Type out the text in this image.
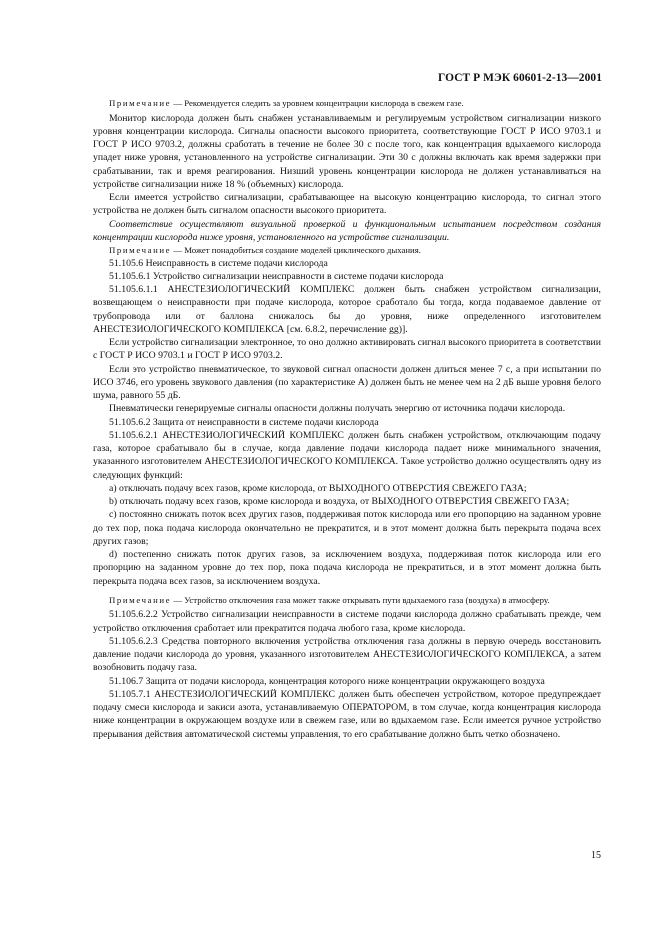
ГОСТ Р МЭК 60601-2-13—2001

Примечание — Рекомендуется следить за уровнем концентрации кислорода в свежем газе.

Монитор кислорода должен быть снабжен устанавливаемым и регулируемым устройством сигнализации низкого уровня концентрации кислорода. Сигналы опасности высокого приоритета, соответствующие ГОСТ Р ИСО 9703.1 и ГОСТ Р ИСО 9703.2, должны сработать в течение не более 30 с после того, как концентрация вдыхаемого кислорода упадет ниже уровня, установленного на устройстве сигнализации. Эти 30 с должны включать как время задержки при срабатывании, так и время реагирования. Низший уровень концентрации кислорода не должен устанавливаться на устройстве сигнализации ниже 18 % (объемных) кислорода.

Если имеется устройство сигнализации, срабатывающее на высокую концентрацию кислорода, то сигнал этого устройства не должен быть сигналом опасности высокого приоритета.

Соответствие осуществляют визуальной проверкой и функциональным испытанием посредством создания концентрации кислорода ниже уровня, установленного на устройстве сигнализации.

Примечание — Может понадобиться создание моделей циклического дыхания.

51.105.6 Неисправность в системе подачи кислорода

51.105.6.1 Устройство сигнализации неисправности в системе подачи кислорода

51.105.6.1.1 АНЕСТЕЗИОЛОГИЧЕСКИЙ КОМПЛЕКС должен быть снабжен устройством сигнализации, возвещающем о неисправности при подаче кислорода, которое сработало бы тогда, когда подаваемое давление от трубопровода или от баллона снижалось бы до уровня, ниже определенного изготовителем АНЕСТЕЗИОЛОГИЧЕСКОГО КОМПЛЕКСА [см. 6.8.2, перечисление gg)].

Если устройство сигнализации электронное, то оно должно активировать сигнал высокого приоритета в соответствии с ГОСТ Р ИСО 9703.1 и ГОСТ Р ИСО 9703.2.

Если это устройство пневматическое, то звуковой сигнал опасности должен длиться менее 7 с, а при испытании по ИСО 3746, его уровень звукового давления (по характеристике А) должен быть не менее чем на 2 дБ выше уровня белого шума, равного 55 дБ.

Пневматически генерируемые сигналы опасности должны получать энергию от источника подачи кислорода.

51.105.6.2 Защита от неисправности в системе подачи кислорода

51.105.6.2.1 АНЕСТЕЗИОЛОГИЧЕСКИЙ КОМПЛЕКС должен быть снабжен устройством, отключающим подачу газа, которое срабатывало бы в случае, когда давление подачи кислорода падает ниже минимального значения, указанного изготовителем АНЕСТЕЗИОЛОГИЧЕСКОГО КОМПЛЕКСА. Такое устройство должно осуществлять одну из следующих функций:

а) отключать подачу всех газов, кроме кислорода, от ВЫХОДНОГО ОТВЕРСТИЯ СВЕЖЕГО ГАЗА;

b) отключать подачу всех газов, кроме кислорода и воздуха, от ВЫХОДНОГО ОТВЕРСТИЯ СВЕЖЕГО ГАЗА;

c) постоянно снижать поток всех других газов, поддерживая поток кислорода или его пропорцию на заданном уровне до тех пор, пока подача кислорода окончательно не прекратится, и в этот момент должна быть перекрыта подача всех других газов;

d) постепенно снижать поток других газов, за исключением воздуха, поддерживая поток кислорода или его пропорцию на заданном уровне до тех пор, пока подача кислорода не прекратиться, и в этот момент должна быть перекрыта подача всех газов, за исключением воздуха.

Примечание — Устройство отключения газа может также открывать пути вдыхаемого газа (воздуха) в атмосферу.

51.105.6.2.2 Устройство сигнализации неисправности в системе подачи кислорода должно срабатывать прежде, чем устройство отключения сработает или прекратится подача любого газа, кроме кислорода.

51.105.6.2.3 Средства повторного включения устройства отключения газа должны в первую очередь восстановить давление подачи кислорода до уровня, указанного изготовителем АНЕСТЕЗИОЛОГИЧЕСКОГО КОМПЛЕКСА, а затем возобновить подачу газа.

51.106.7 Защита от подачи кислорода, концентрация которого ниже концентрации окружающего воздуха

51.105.7.1 АНЕСТЕЗИОЛОГИЧЕСКИЙ КОМПЛЕКС должен быть обеспечен устройством, которое предупреждает подачу смеси кислорода и закиси азота, устанавливаемую ОПЕРАТОРОМ, в том случае, когда концентрация кислорода ниже концентрации в окружающем воздухе или в свежем газе, или во вдыхаемом газе. Если имеется ручное устройство прерывания действия автоматической системы управления, то его срабатывание должно быть четко обозначено.

15
